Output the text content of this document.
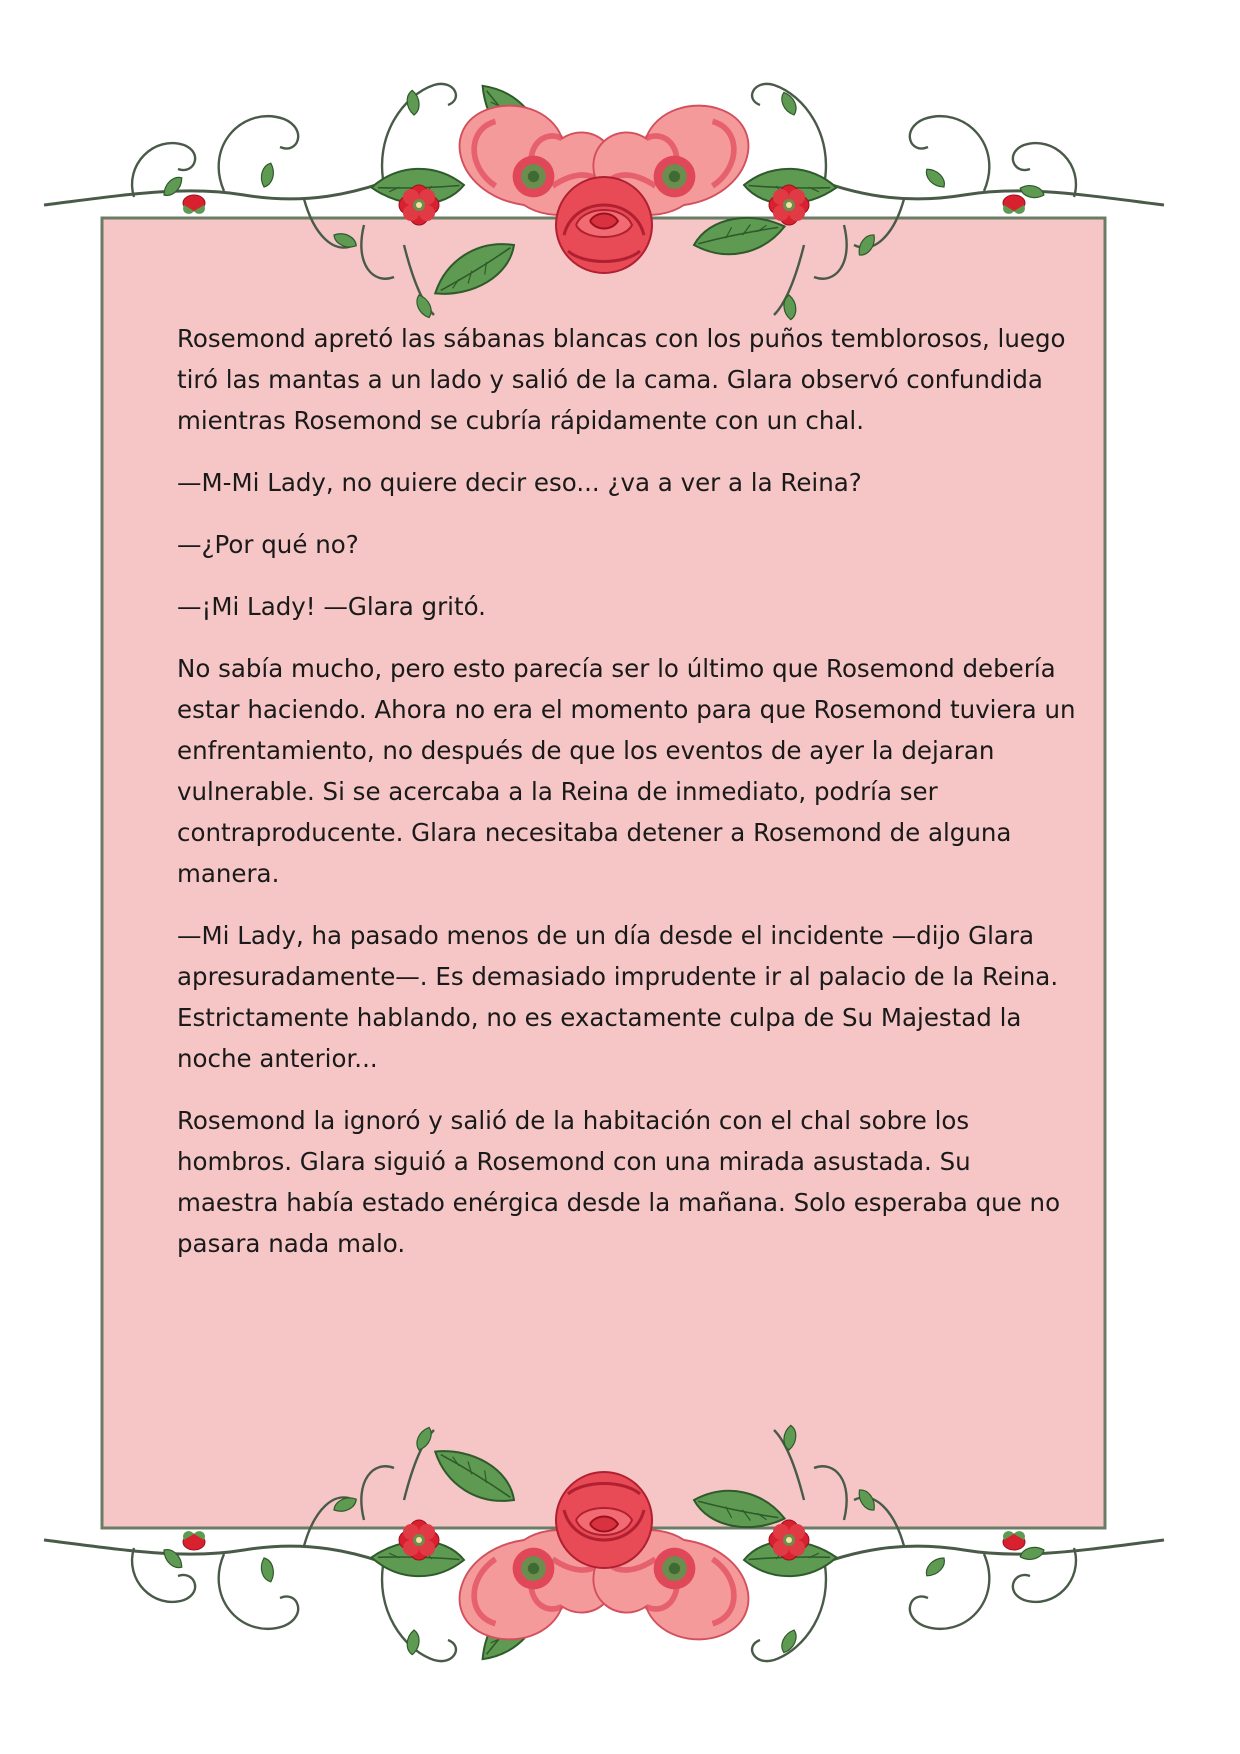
Rosemond apretó las sábanas blancas con los puños temblorosos, luego tiró las mantas a un lado y salió de la cama. Glara observó confundida mientras Rosemond se cubría rápidamente con un chal.

—M-Mi Lady, no quiere decir eso... ¿va a ver a la Reina?

—¿Por qué no?

—¡Mi Lady! —Glara gritó.

No sabía mucho, pero esto parecía ser lo último que Rosemond debería estar haciendo. Ahora no era el momento para que Rosemond tuviera un enfrentamiento, no después de que los eventos de ayer la dejaran vulnerable. Si se acercaba a la Reina de inmediato, podría ser contraproducente. Glara necesitaba detener a Rosemond de alguna manera.

—Mi Lady, ha pasado menos de un día desde el incidente —dijo Glara apresuradamente—. Es demasiado imprudente ir al palacio de la Reina. Estrictamente hablando, no es exactamente culpa de Su Majestad la noche anterior...

Rosemond la ignoró y salió de la habitación con el chal sobre los hombros. Glara siguió a Rosemond con una mirada asustada. Su maestra había estado enérgica desde la mañana. Solo esperaba que no pasara nada malo.
